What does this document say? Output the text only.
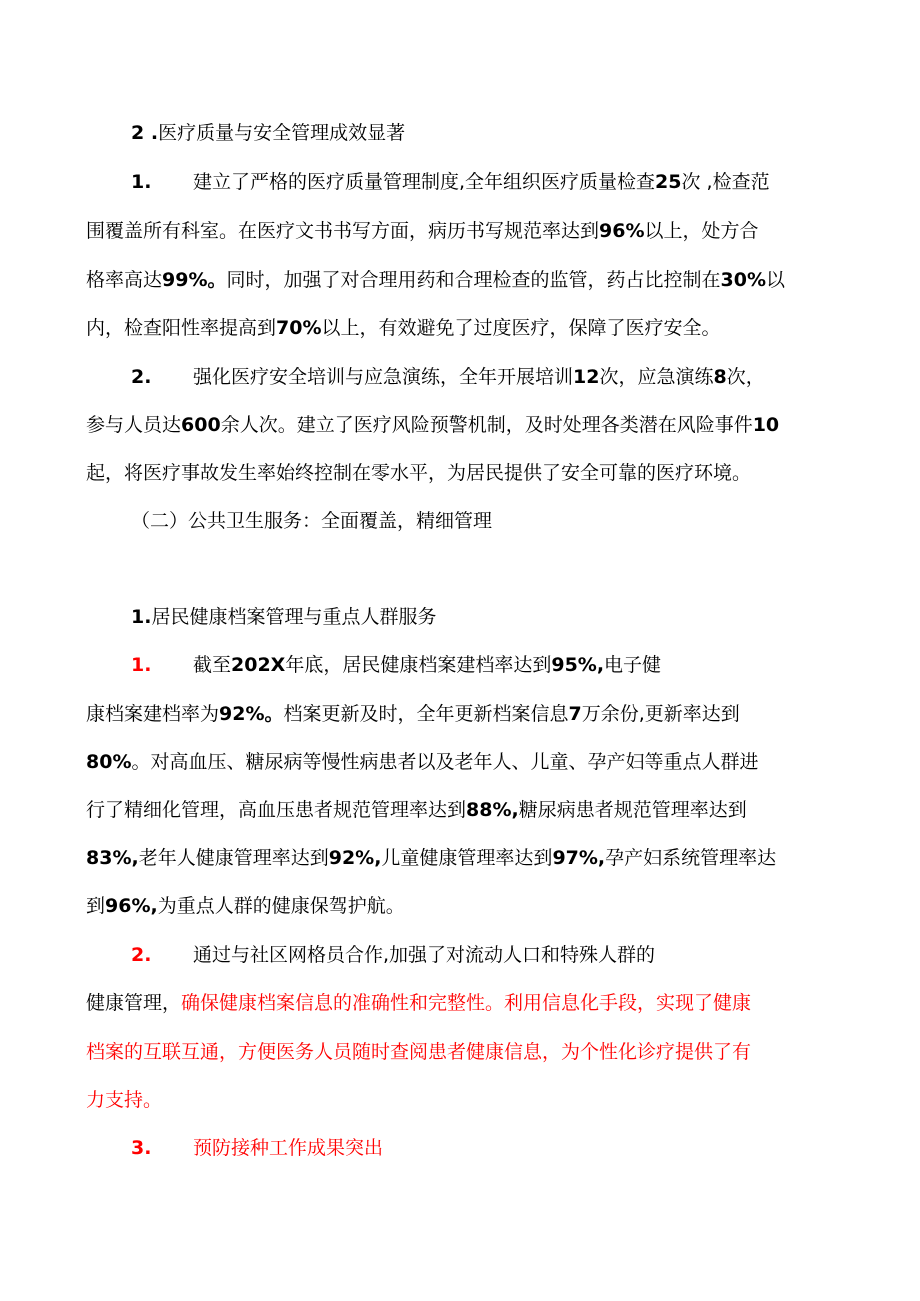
2 .医疗质量与安全管理成效显著
1. 建立了严格的医疗质量管理制度,全年组织医疗质量检查25次 ,检查范
围覆盖所有科室。在医疗文书书写方面，病历书写规范率达到96%以上，处方合
格率高达99%。同时，加强了对合理用药和合理检查的监管，药占比控制在30%以
内，检查阳性率提高到70%以上，有效避免了过度医疗，保障了医疗安全。
2. 强化医疗安全培训与应急演练，全年开展培训12次，应急演练8次，
参与人员达600余人次。建立了医疗风险预警机制，及时处理各类潜在风险事件10
起，将医疗事故发生率始终控制在零水平，为居民提供了安全可靠的医疗环境。
（二）公共卫生服务：全面覆盖，精细管理
1.居民健康档案管理与重点人群服务
1. 截至202X年底，居民健康档案建档率达到95%,电子健
康档案建档率为92%。档案更新及时，全年更新档案信息7万余份,更新率达到
80%。对高血压、糖尿病等慢性病患者以及老年人、儿童、孕产妇等重点人群进
行了精细化管理，高血压患者规范管理率达到88%,糖尿病患者规范管理率达到
83%,老年人健康管理率达到92%,儿童健康管理率达到97%,孕产妇系统管理率达
到96%,为重点人群的健康保驾护航。
2. 通过与社区网格员合作,加强了对流动人口和特殊人群的
健康管理，确保健康档案信息的准确性和完整性。利用信息化手段，实现了健康
档案的互联互通，方便医务人员随时查阅患者健康信息，为个性化诊疗提供了有
力支持。
3. 预防接种工作成果突出
